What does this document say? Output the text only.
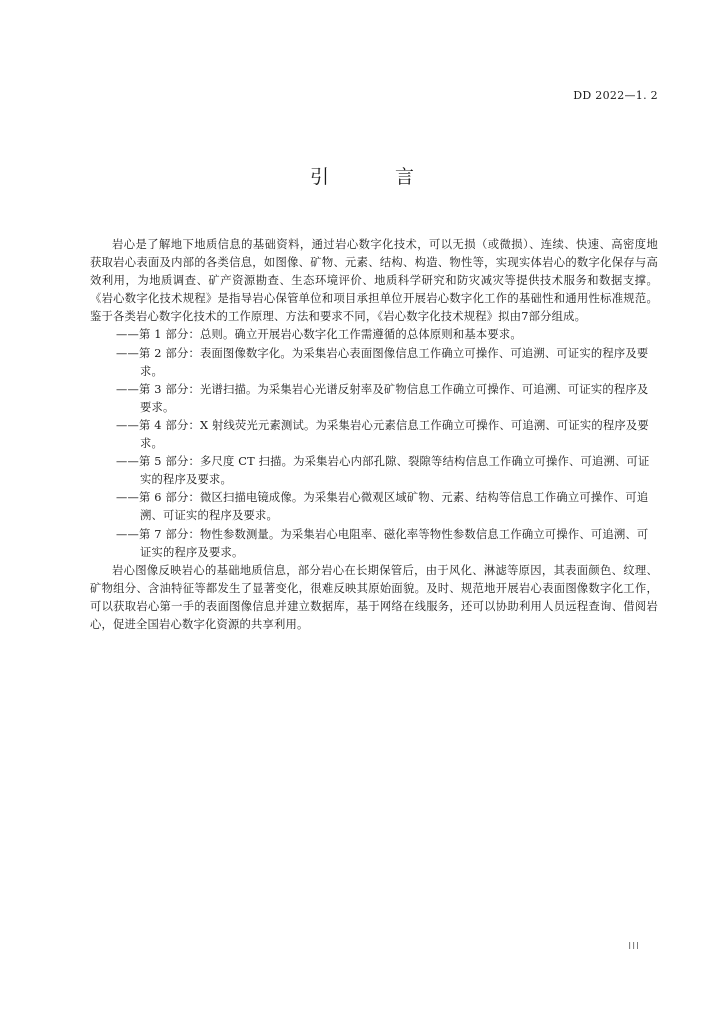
DD 2022—1. 2
引 言

岩心是了解地下地质信息的基础资料，通过岩心数字化技术，可以无损（或微损）、连续、快速、高密度地获取岩心表面及内部的各类信息，如图像、矿物、元素、结构、构造、物性等，实现实体岩心的数字化保存与高效利用，为地质调查、矿产资源勘查、生态环境评价、地质科学研究和防灾减灾等提供技术服务和数据支撑。《岩心数字化技术规程》是指导岩心保管单位和项目承担单位开展岩心数字化工作的基础性和通用性标准规范。鉴于各类岩心数字化技术的工作原理、方法和要求不同，《岩心数字化技术规程》拟由7部分组成。

——第 1 部分：总则。确立开展岩心数字化工作需遵循的总体原则和基本要求。

——第 2 部分：表面图像数字化。为采集岩心表面图像信息工作确立可操作、可追溯、可证实的程序及要求。

——第 3 部分：光谱扫描。为采集岩心光谱反射率及矿物信息工作确立可操作、可追溯、可证实的程序及要求。

——第 4 部分：X 射线荧光元素测试。为采集岩心元素信息工作确立可操作、可追溯、可证实的程序及要求。

——第 5 部分：多尺度 CT 扫描。为采集岩心内部孔隙、裂隙等结构信息工作确立可操作、可追溯、可证实的程序及要求。

——第 6 部分：微区扫描电镜成像。为采集岩心微观区域矿物、元素、结构等信息工作确立可操作、可追溯、可证实的程序及要求。

——第 7 部分：物性参数测量。为采集岩心电阻率、磁化率等物性参数信息工作确立可操作、可追溯、可证实的程序及要求。

岩心图像反映岩心的基础地质信息，部分岩心在长期保管后，由于风化、淋滤等原因，其表面颜色、纹理、矿物组分、含油特征等都发生了显著变化，很难反映其原始面貌。及时、规范地开展岩心表面图像数字化工作，可以获取岩心第一手的表面图像信息并建立数据库，基于网络在线服务，还可以协助利用人员远程查询、借阅岩心，促进全国岩心数字化资源的共享利用。

III
